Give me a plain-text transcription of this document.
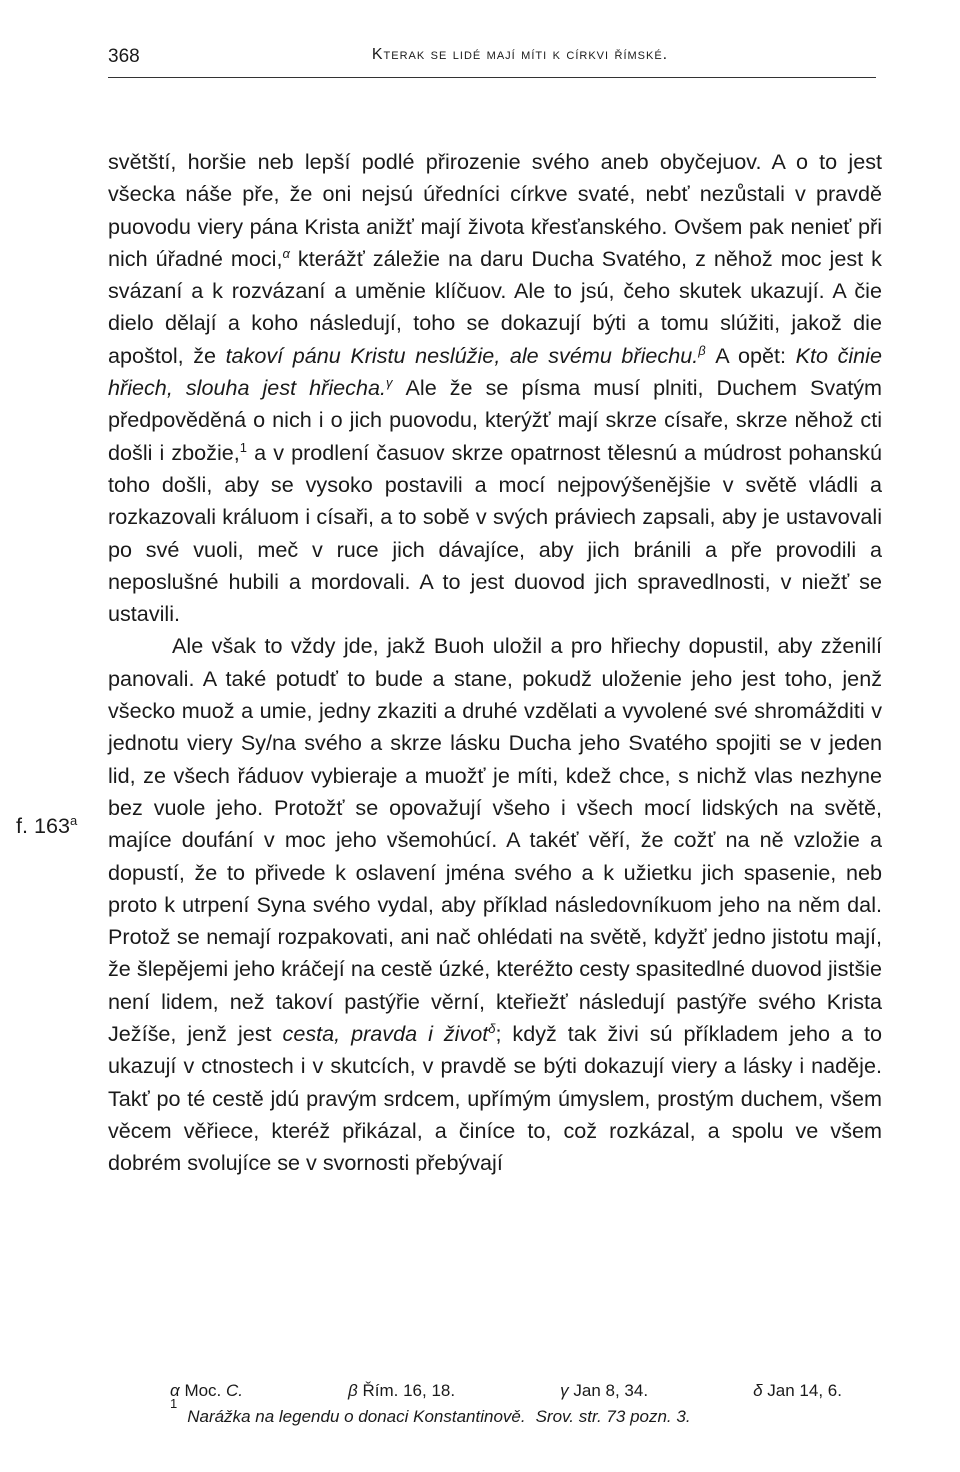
368	Kterak se lidé mají míti k církvi římské.
f. 163$^a$

světští, horšie neb lepší podlé přirozenie svého aneb obyčejuov. A o to jest všecka náše pře, že oni nejsú úředníci církve svaté, nebť nezůstali v pravdě puovodu viery pána Krista anižť mají života křesťanského. Ovšem pak nenieť při nich úřadné moci,$^\alpha$ kterážť záležie na daru Ducha Svatého, z něhož moc jest k svázaní a k rozvázaní a uměnie klíčuov. Ale to jsú, čeho skutek ukazují. A čie dielo dělají a koho následují, toho se dokazují býti a tomu slúžiti, jakož die apoštol, že takoví pánu Kristu neslúžie, ale svému břiechu.$^\beta$ A opět: Kto činie hřiech, slouha jest hřiecha.$^\gamma$ Ale že se písma musí plniti, Duchem Svatým předpověděná o nich i o jich puovodu, kterýžť mají skrze císaře, skrze něhož cti došli i zbožie,$^1$ a v prodlení časuov skrze opatrnost tělesnú a múdrost pohanskú toho došli, aby se vysoko postavili a mocí nejpovýšenějšie v světě vládli a rozkazovali králuom i císaři, a to sobě v svých práviech zapsali, aby je ustavovali po své vuoli, meč v ruce jich dávajíce, aby jich bránili a pře provodili a neposlušné hubili a mordovali. A to jest duovod jich spravedlnosti, v niežť se ustavili.

Ale však to vždy jde, jakž Buoh uložil a pro hřiechy dopustil, aby zženilí panovali. A také potudť to bude a stane, pokudž uloženie jeho jest toho, jenž všecko muož a umie, jedny zkaziti a druhé vzdělati a vyvolené své shromážditi v jednotu viery Sy/na svého a skrze lásku Ducha jeho Svatého spojiti se v jeden lid, ze všech řáduov vybieraje a muožť je míti, kdež chce, s nichž vlas nezhyne bez vuole jeho. Protožť se opovažují všeho i všech mocí lidských na světě, majíce doufání v moc jeho všemohúcí. A takéť věří, že cožť na ně vzložie a dopustí, že to přivede k oslavení jména svého a k užietku jich spasenie, neb proto k utrpení Syna svého vydal, aby příklad následovníkuom jeho na něm dal. Protož se nemají rozpakovati, ani nač ohlédati na světě, kdyžť jedno jistotu mají, že šlepějemi jeho kráčejí na cestě úzké, kteréžto cesty spasitedlné duovod jistšie není lidem, než takoví pastýřie věrní, kteřiežť následují pastýře svého Krista Ježíše, jenž jest cesta, pravda i život$^\delta$; když tak živi sú příkladem jeho a to ukazují v ctnostech i v skutcích, v pravdě se býti dokazují viery a lásky i naděje. Takť po té cestě jdú pravým srdcem, upřímým úmyslem, prostým duchem, všem věcem věřiece, kteréž přikázal, a činíce to, což rozkázal, a spolu ve všem dobrém svolujíce se v svornosti přebývají

α Moc. C.	β Řím. 16, 18.	γ Jan 8, 34.	δ Jan 14, 6.
1
Narážka na legendu o donaci Konstantinově. Srov. str. 73 pozn. 3.
